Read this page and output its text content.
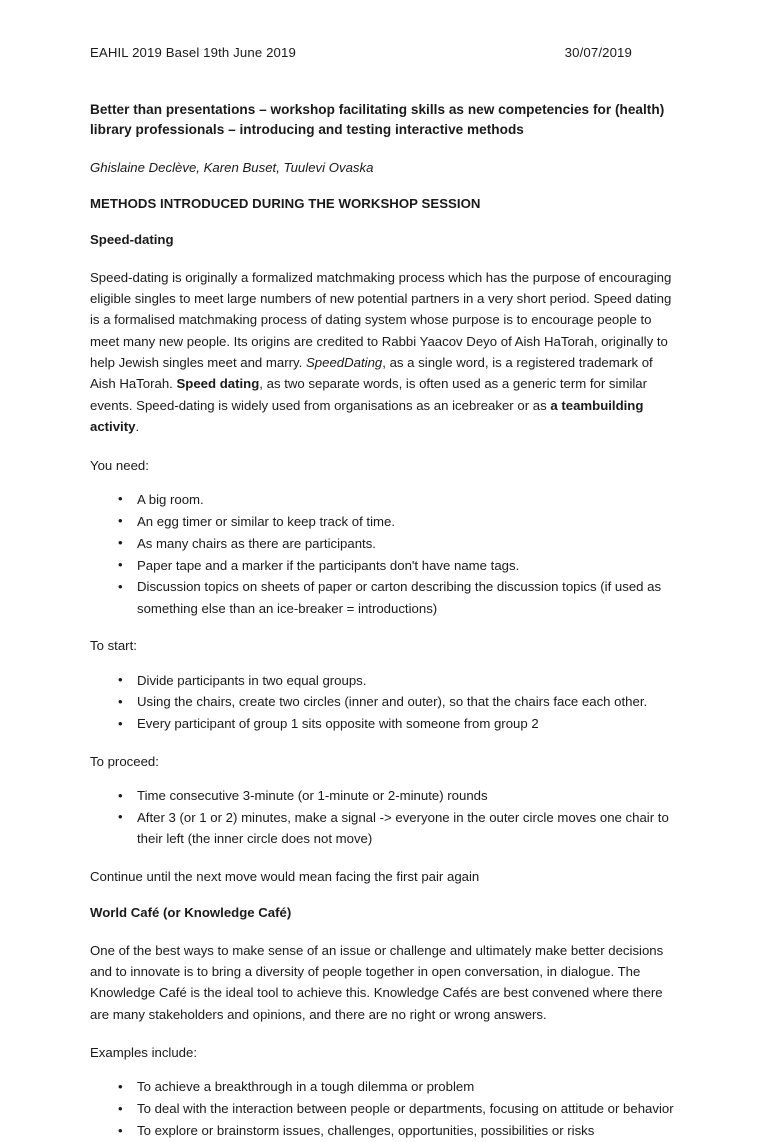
EAHIL 2019 Basel 19th June 2019	30/07/2019
Better than presentations – workshop facilitating skills as new competencies for (health) library professionals – introducing and testing interactive methods
Ghislaine Declève, Karen Buset, Tuulevi Ovaska
METHODS INTRODUCED DURING THE WORKSHOP SESSION
Speed-dating

Speed-dating is originally a formalized matchmaking process which has the purpose of encouraging eligible singles to meet large numbers of new potential partners in a very short period. Speed dating is a formalised matchmaking process of dating system whose purpose is to encourage people to meet many new people. Its origins are credited to Rabbi Yaacov Deyo of Aish HaTorah, originally to help Jewish singles meet and marry. SpeedDating, as a single word, is a registered trademark of Aish HaTorah. Speed dating, as two separate words, is often used as a generic term for similar events. Speed-dating is widely used from organisations as an icebreaker or as a teambuilding activity.

You need:

• A big room.
• An egg timer or similar to keep track of time.
• As many chairs as there are participants.
• Paper tape and a marker if the participants don't have name tags.
• Discussion topics on sheets of paper or carton describing the discussion topics (if used as something else than an ice-breaker = introductions)

To start:

• Divide participants in two equal groups.
• Using the chairs, create two circles (inner and outer), so that the chairs face each other.
• Every participant of group 1 sits opposite with someone from group 2

To proceed:

• Time consecutive 3-minute (or 1-minute or 2-minute) rounds
• After 3 (or 1 or 2) minutes, make a signal -> everyone in the outer circle moves one chair to their left (the inner circle does not move)

Continue until the next move would mean facing the first pair again

World Café (or Knowledge Café)

One of the best ways to make sense of an issue or challenge and ultimately make better decisions and to innovate is to bring a diversity of people together in open conversation, in dialogue. The Knowledge Café is the ideal tool to achieve this. Knowledge Cafés are best convened where there are many stakeholders and opinions, and there are no right or wrong answers.

Examples include:

• To achieve a breakthrough in a tough dilemma or problem
• To deal with the interaction between people or departments, focusing on attitude or behavior
• To explore or brainstorm issues, challenges, opportunities, possibilities or risks
